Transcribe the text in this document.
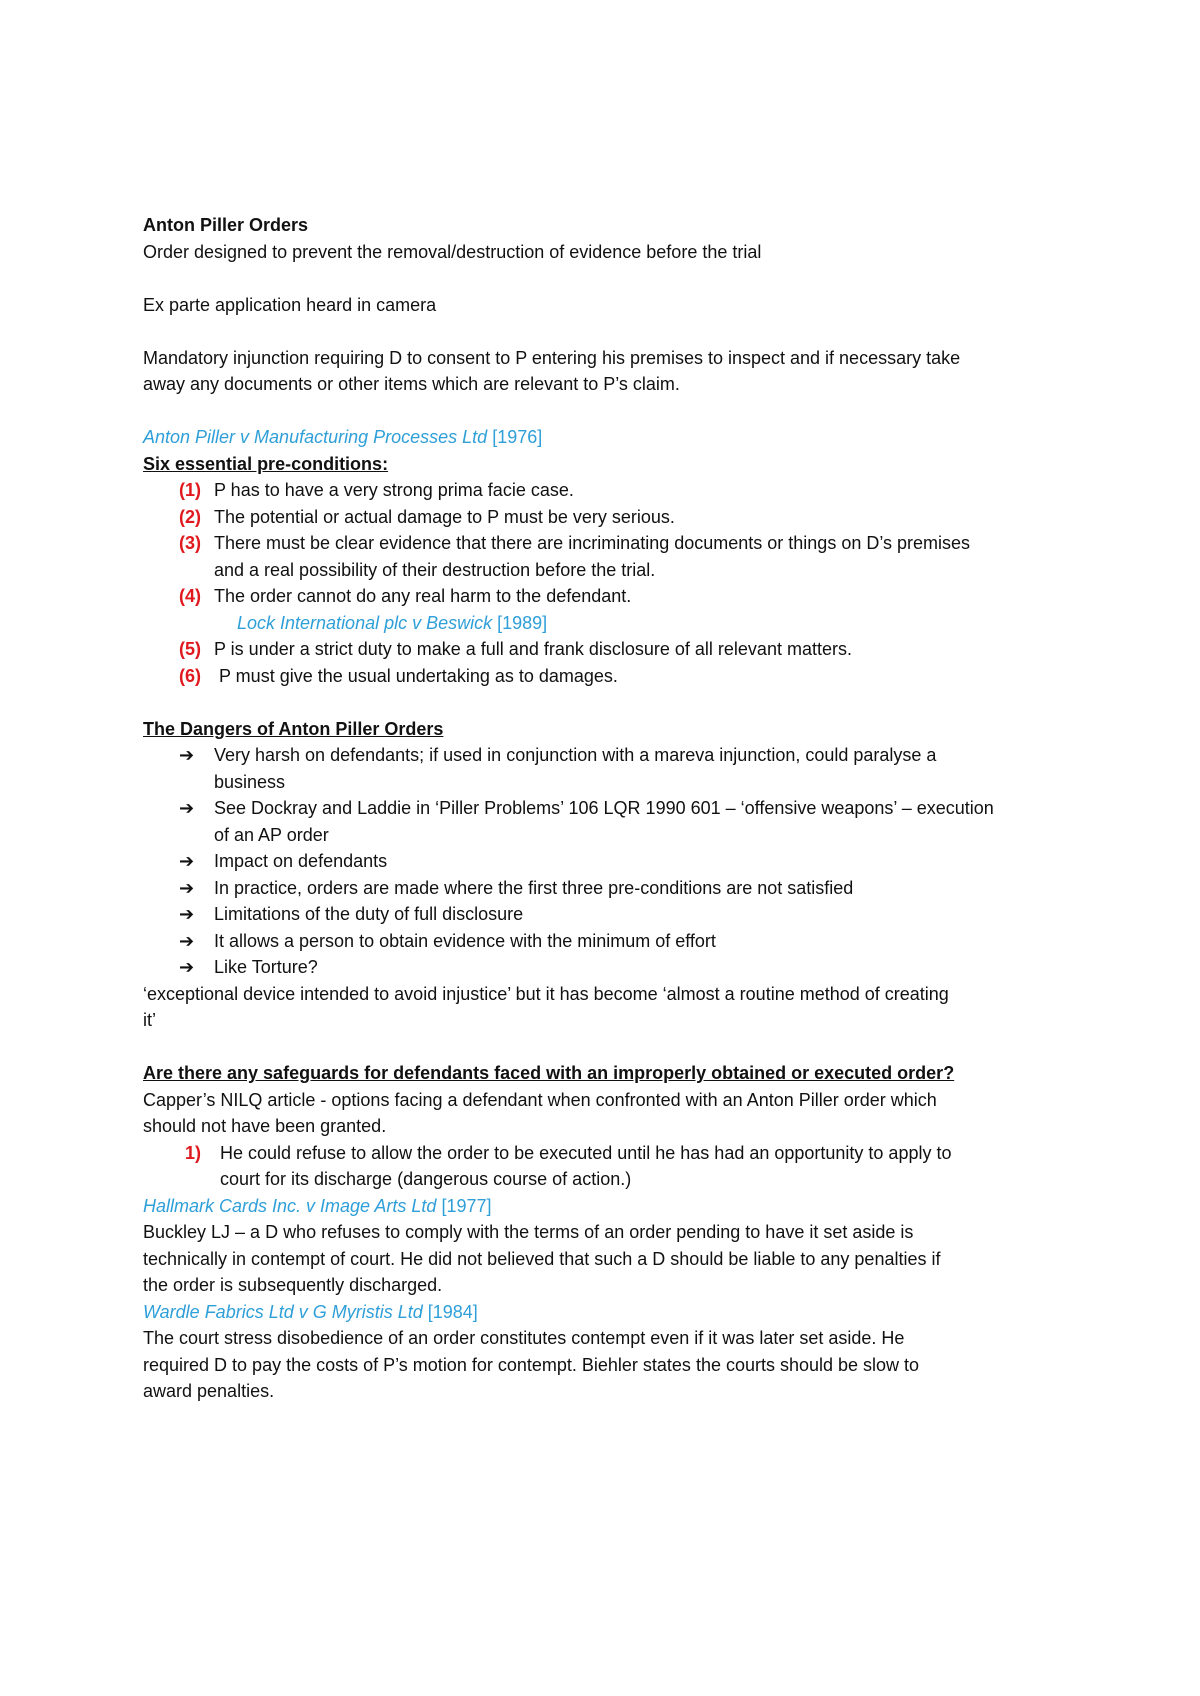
Anton Piller Orders
Order designed to prevent the removal/destruction of evidence before the trial
Ex parte application heard in camera
Mandatory injunction requiring D to consent to P entering his premises to inspect and if necessary take
away any documents or other items which are relevant to P’s claim.
Anton Piller v Manufacturing Processes Ltd [1976]
Six essential pre-conditions:
(1) P has to have a very strong prima facie case.
(2) The potential or actual damage to P must be very serious.
(3) There must be clear evidence that there are incriminating documents or things on D’s premises
and a real possibility of their destruction before the trial.
(4) The order cannot do any real harm to the defendant.
Lock International plc v Beswick [1989]
(5) P is under a strict duty to make a full and frank disclosure of all relevant matters.
(6) P must give the usual undertaking as to damages.
The Dangers of Anton Piller Orders
➔ Very harsh on defendants; if used in conjunction with a mareva injunction, could paralyse a
business
➔ See Dockray and Laddie in ‘Piller Problems’ 106 LQR 1990 601 – ‘offensive weapons’ – execution
of an AP order
➔ Impact on defendants
➔ In practice, orders are made where the first three pre-conditions are not satisfied
➔ Limitations of the duty of full disclosure
➔ It allows a person to obtain evidence with the minimum of effort
➔ Like Torture?
‘exceptional device intended to avoid injustice’ but it has become ‘almost a routine method of creating
it’
Are there any safeguards for defendants faced with an improperly obtained or executed order?
Capper’s NILQ article - options facing a defendant when confronted with an Anton Piller order which
should not have been granted.
1) He could refuse to allow the order to be executed until he has had an opportunity to apply to
court for its discharge (dangerous course of action.)
Hallmark Cards Inc. v Image Arts Ltd [1977]
Buckley LJ – a D who refuses to comply with the terms of an order pending to have it set aside is
technically in contempt of court. He did not believed that such a D should be liable to any penalties if
the order is subsequently discharged.
Wardle Fabrics Ltd v G Myristis Ltd [1984]
The court stress disobedience of an order constitutes contempt even if it was later set aside. He
required D to pay the costs of P’s motion for contempt. Biehler states the courts should be slow to
award penalties.
